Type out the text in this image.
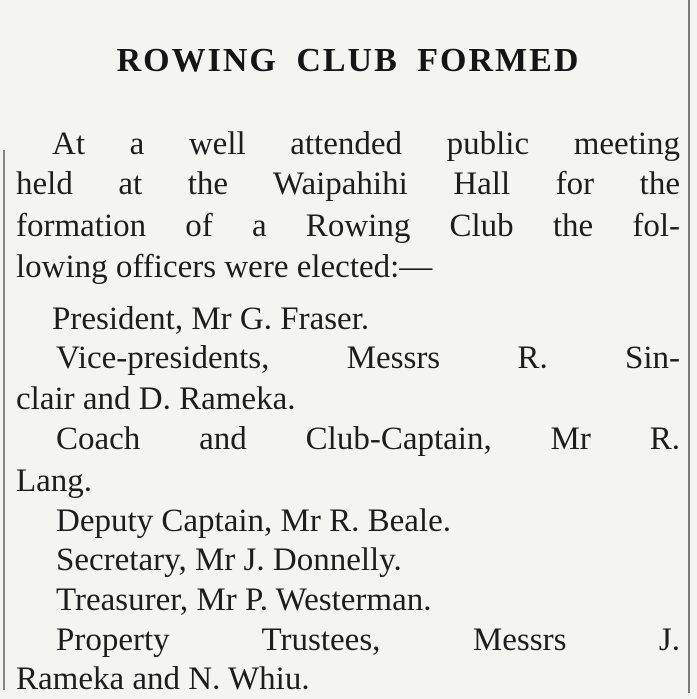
ROWING CLUB FORMED
At a well attended public meeting
held at the Waipahihi Hall for the
formation of a Rowing Club the fol-
lowing officers were elected:—
President, Mr G. Fraser.
Vice-presidents, Messrs R. Sin-
clair and D. Rameka.
Coach and Club-Captain, Mr R.
Lang.
Deputy Captain, Mr R. Beale.
Secretary, Mr J. Donnelly.
Treasurer, Mr P. Westerman.
Property Trustees, Messrs J.
Rameka and N. Whiu.
